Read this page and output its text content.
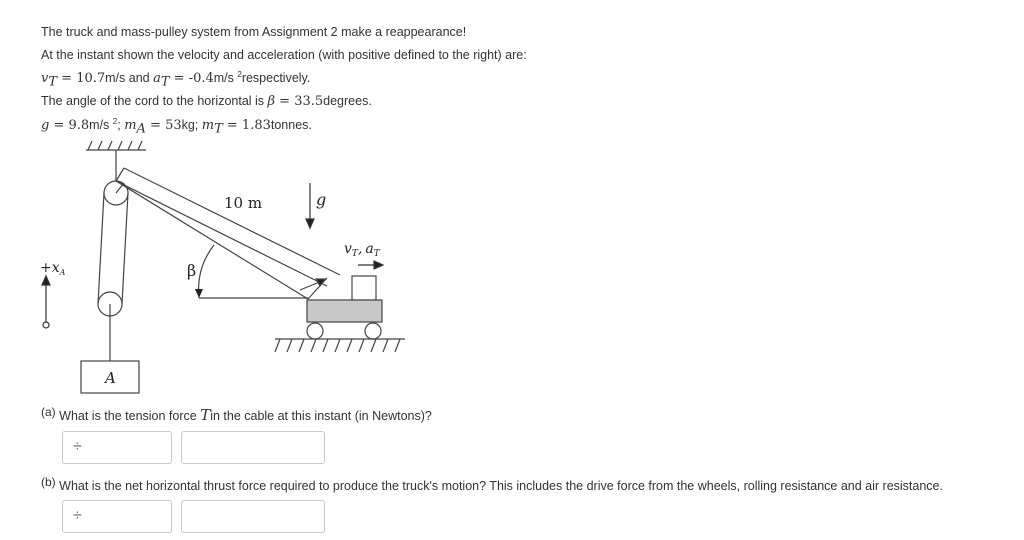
The truck and mass-pulley system from Assignment 2 make a reappearance!
At the instant shown the velocity and acceleration (with positive defined to the right) are:
$v_T = 10.7m/s$ and $a_T = -0.4m/s$ $^2$respectively.
The angle of the cord to the horizontal is β = 33.5degrees.
g = 9.8m/s $^2$; $m_A = 53kg$; $m_T$ = 1.83tonnes.
10 m	g
$v_T$, $a_T$
β
$+x_A$
A
(a) What is the tension force Tin the cable at this instant (in Newtons)?
÷
(b) What is the net horizontal thrust force required to produce the truck's motion? This includes the drive force from the wheels, rolling resistance and air resistance.
÷
